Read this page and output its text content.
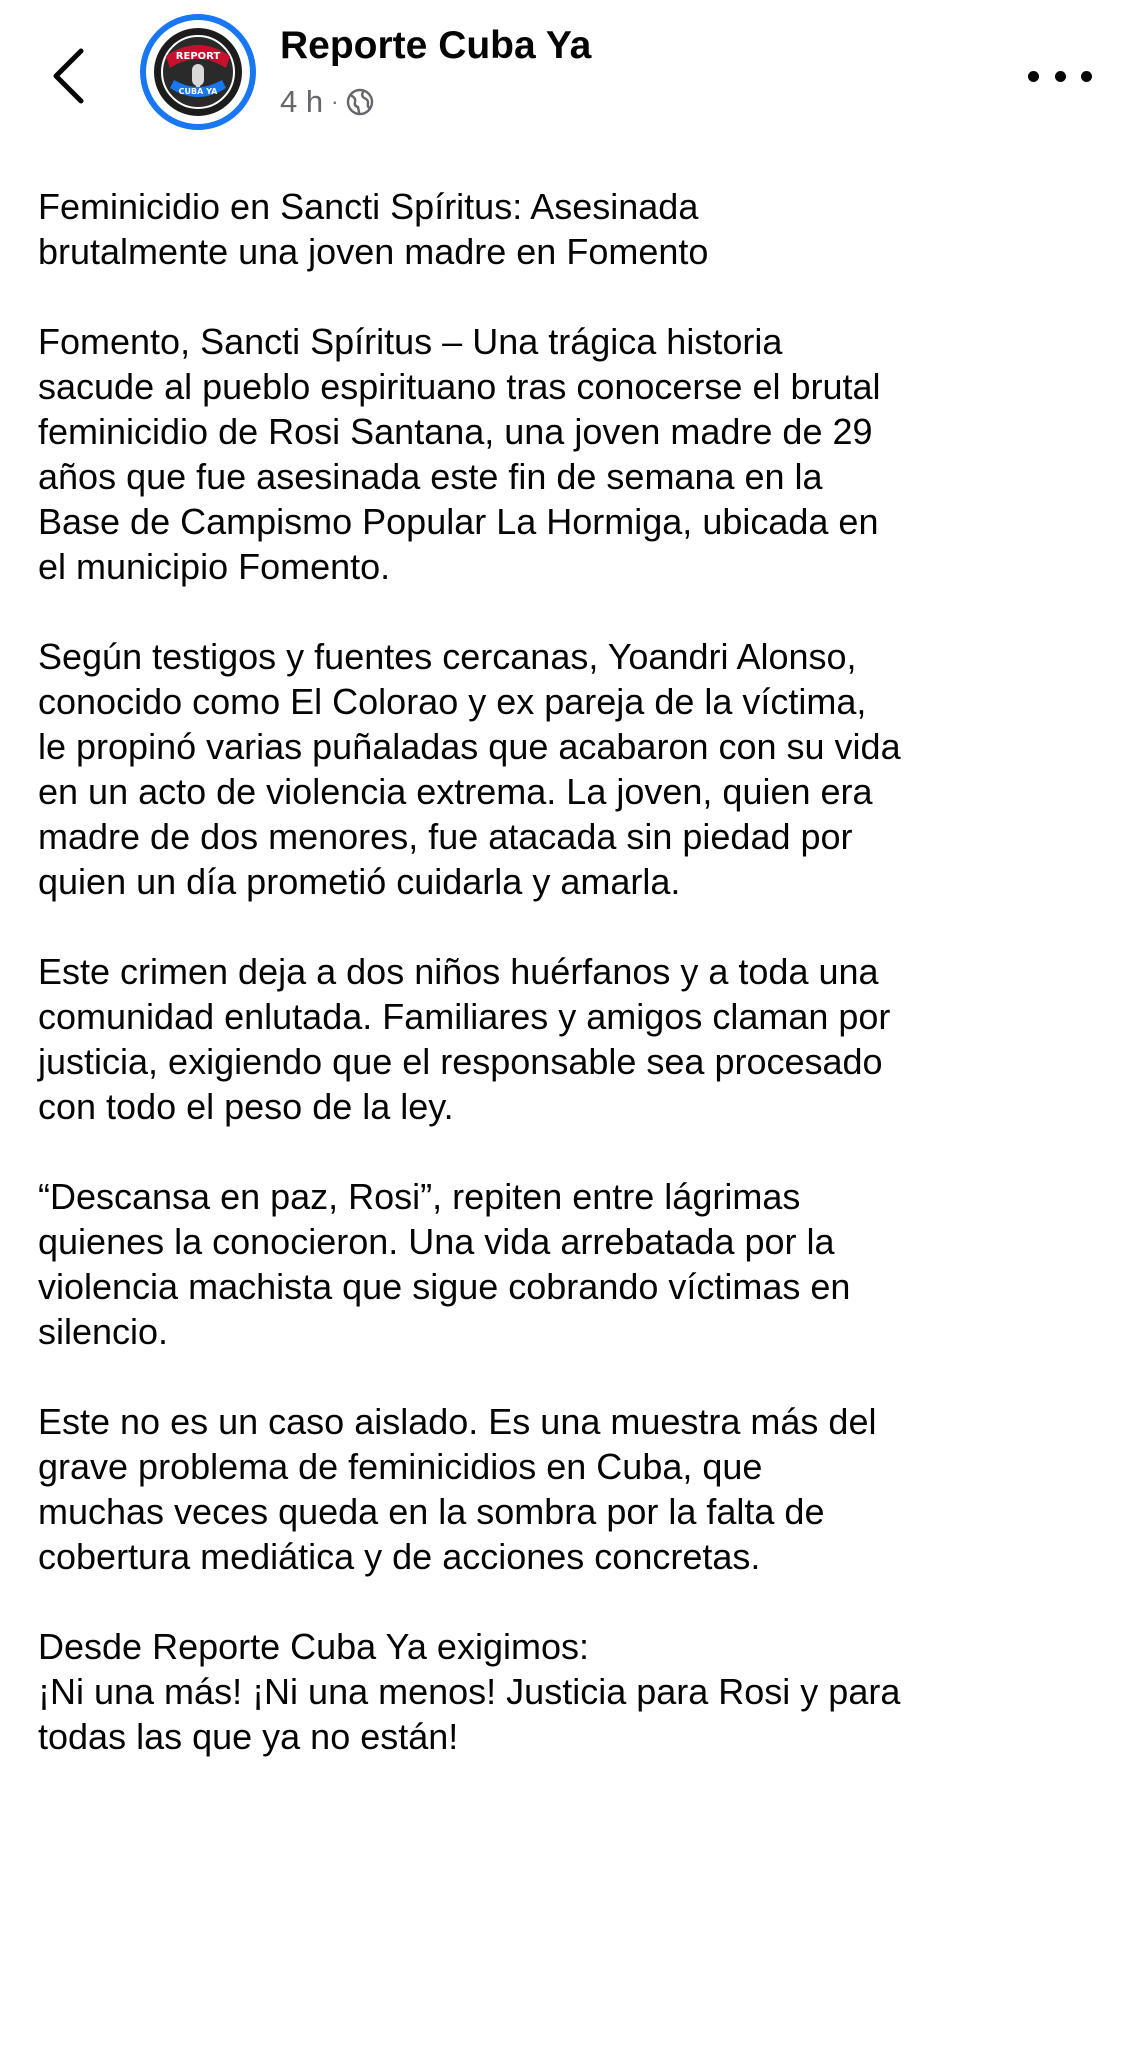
REPORT
CUBA YA
Reporte Cuba Ya
4 h ·

Feminicidio en Sancti Spíritus: Asesinada
brutalmente una joven madre en Fomento

Fomento, Sancti Spíritus – Una trágica historia
sacude al pueblo espirituano tras conocerse el brutal
feminicidio de Rosi Santana, una joven madre de 29
años que fue asesinada este fin de semana en la
Base de Campismo Popular La Hormiga, ubicada en
el municipio Fomento.

Según testigos y fuentes cercanas, Yoandri Alonso,
conocido como El Colorao y ex pareja de la víctima,
le propinó varias puñaladas que acabaron con su vida
en un acto de violencia extrema. La joven, quien era
madre de dos menores, fue atacada sin piedad por
quien un día prometió cuidarla y amarla.

Este crimen deja a dos niños huérfanos y a toda una
comunidad enlutada. Familiares y amigos claman por
justicia, exigiendo que el responsable sea procesado
con todo el peso de la ley.

“Descansa en paz, Rosi”, repiten entre lágrimas
quienes la conocieron. Una vida arrebatada por la
violencia machista que sigue cobrando víctimas en
silencio.

Este no es un caso aislado. Es una muestra más del
grave problema de feminicidios en Cuba, que
muchas veces queda en la sombra por la falta de
cobertura mediática y de acciones concretas.

Desde Reporte Cuba Ya exigimos:
¡Ni una más! ¡Ni una menos! Justicia para Rosi y para
todas las que ya no están!
